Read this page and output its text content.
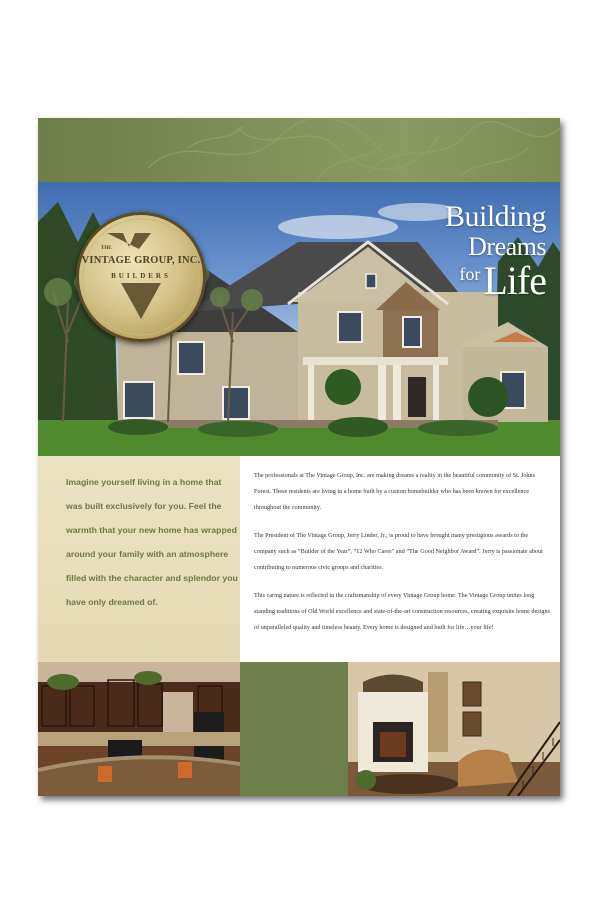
Building
Dreams
forLife
THE
VINTAGE GROUP, INC.
BUILDERS
Imagine yourself living in a home that was built exclusively for you. Feel the warmth that your new home has wrapped around your family with an atmosphere filled with the character and splendor you have only dreamed of.

The professionals at The Vintage Group, Inc. are making dreams a reality in the beautiful community of St. Johns Forest. These residents are living in a home built by a custom homebuilder who has been known for excellence throughout the community.

The President of The Vintage Group, Jerry Linder, Jr., is proud to have brought many prestigious awards to the company such as “Builder of the Year”, “12 Who Cares” and “The Good Neighbor Award”. Jerry is passionate about contributing to numerous civic groups and charities.

This caring nature is reflected in the craftsmanship of every Vintage Group home. The Vintage Group unites long standing traditions of Old World excellence and state-of-the-art construction resources, creating exquisite home designs of unparalleled quality and timeless beauty. Every home is designed and built for life…your life!
